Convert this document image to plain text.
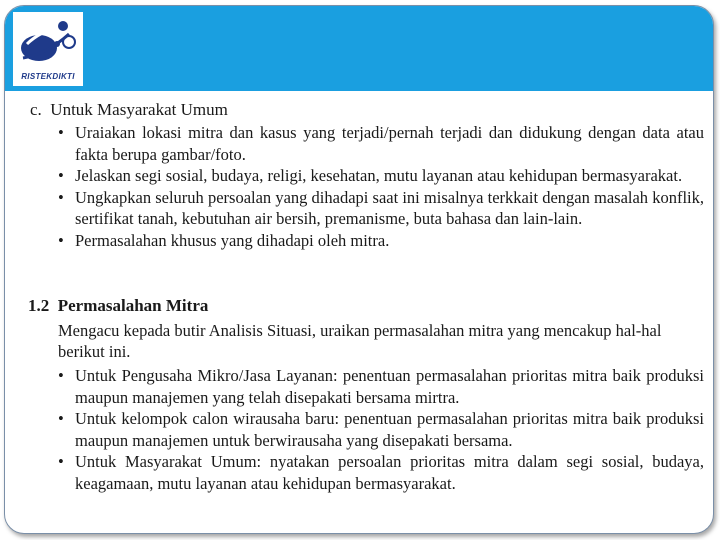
RISTEKDIKTI
c. Untuk Masyarakat Umum
• Uraiakan lokasi mitra dan kasus yang terjadi/pernah terjadi dan didukung dengan data atau fakta berupa gambar/foto.
• Jelaskan segi sosial, budaya, religi, kesehatan, mutu layanan atau kehidupan bermasyarakat.
• Ungkapkan seluruh persoalan yang dihadapi saat ini misalnya terkkait dengan masalah konflik, sertifikat tanah, kebutuhan air bersih, premanisme, buta bahasa dan lain-lain.
• Permasalahan khusus yang dihadapi oleh mitra.
1.2 Permasalahan Mitra
Mengacu kepada butir Analisis Situasi, uraikan permasalahan mitra yang mencakup hal-hal berikut ini.
• Untuk Pengusaha Mikro/Jasa Layanan: penentuan permasalahan prioritas mitra baik produksi maupun manajemen yang telah disepakati bersama mirtra.
• Untuk kelompok calon wirausaha baru: penentuan permasalahan prioritas mitra baik produksi maupun manajemen untuk berwirausaha yang disepakati bersama.
• Untuk Masyarakat Umum: nyatakan persoalan prioritas mitra dalam segi sosial, budaya, keagamaan, mutu layanan atau kehidupan bermasyarakat.
